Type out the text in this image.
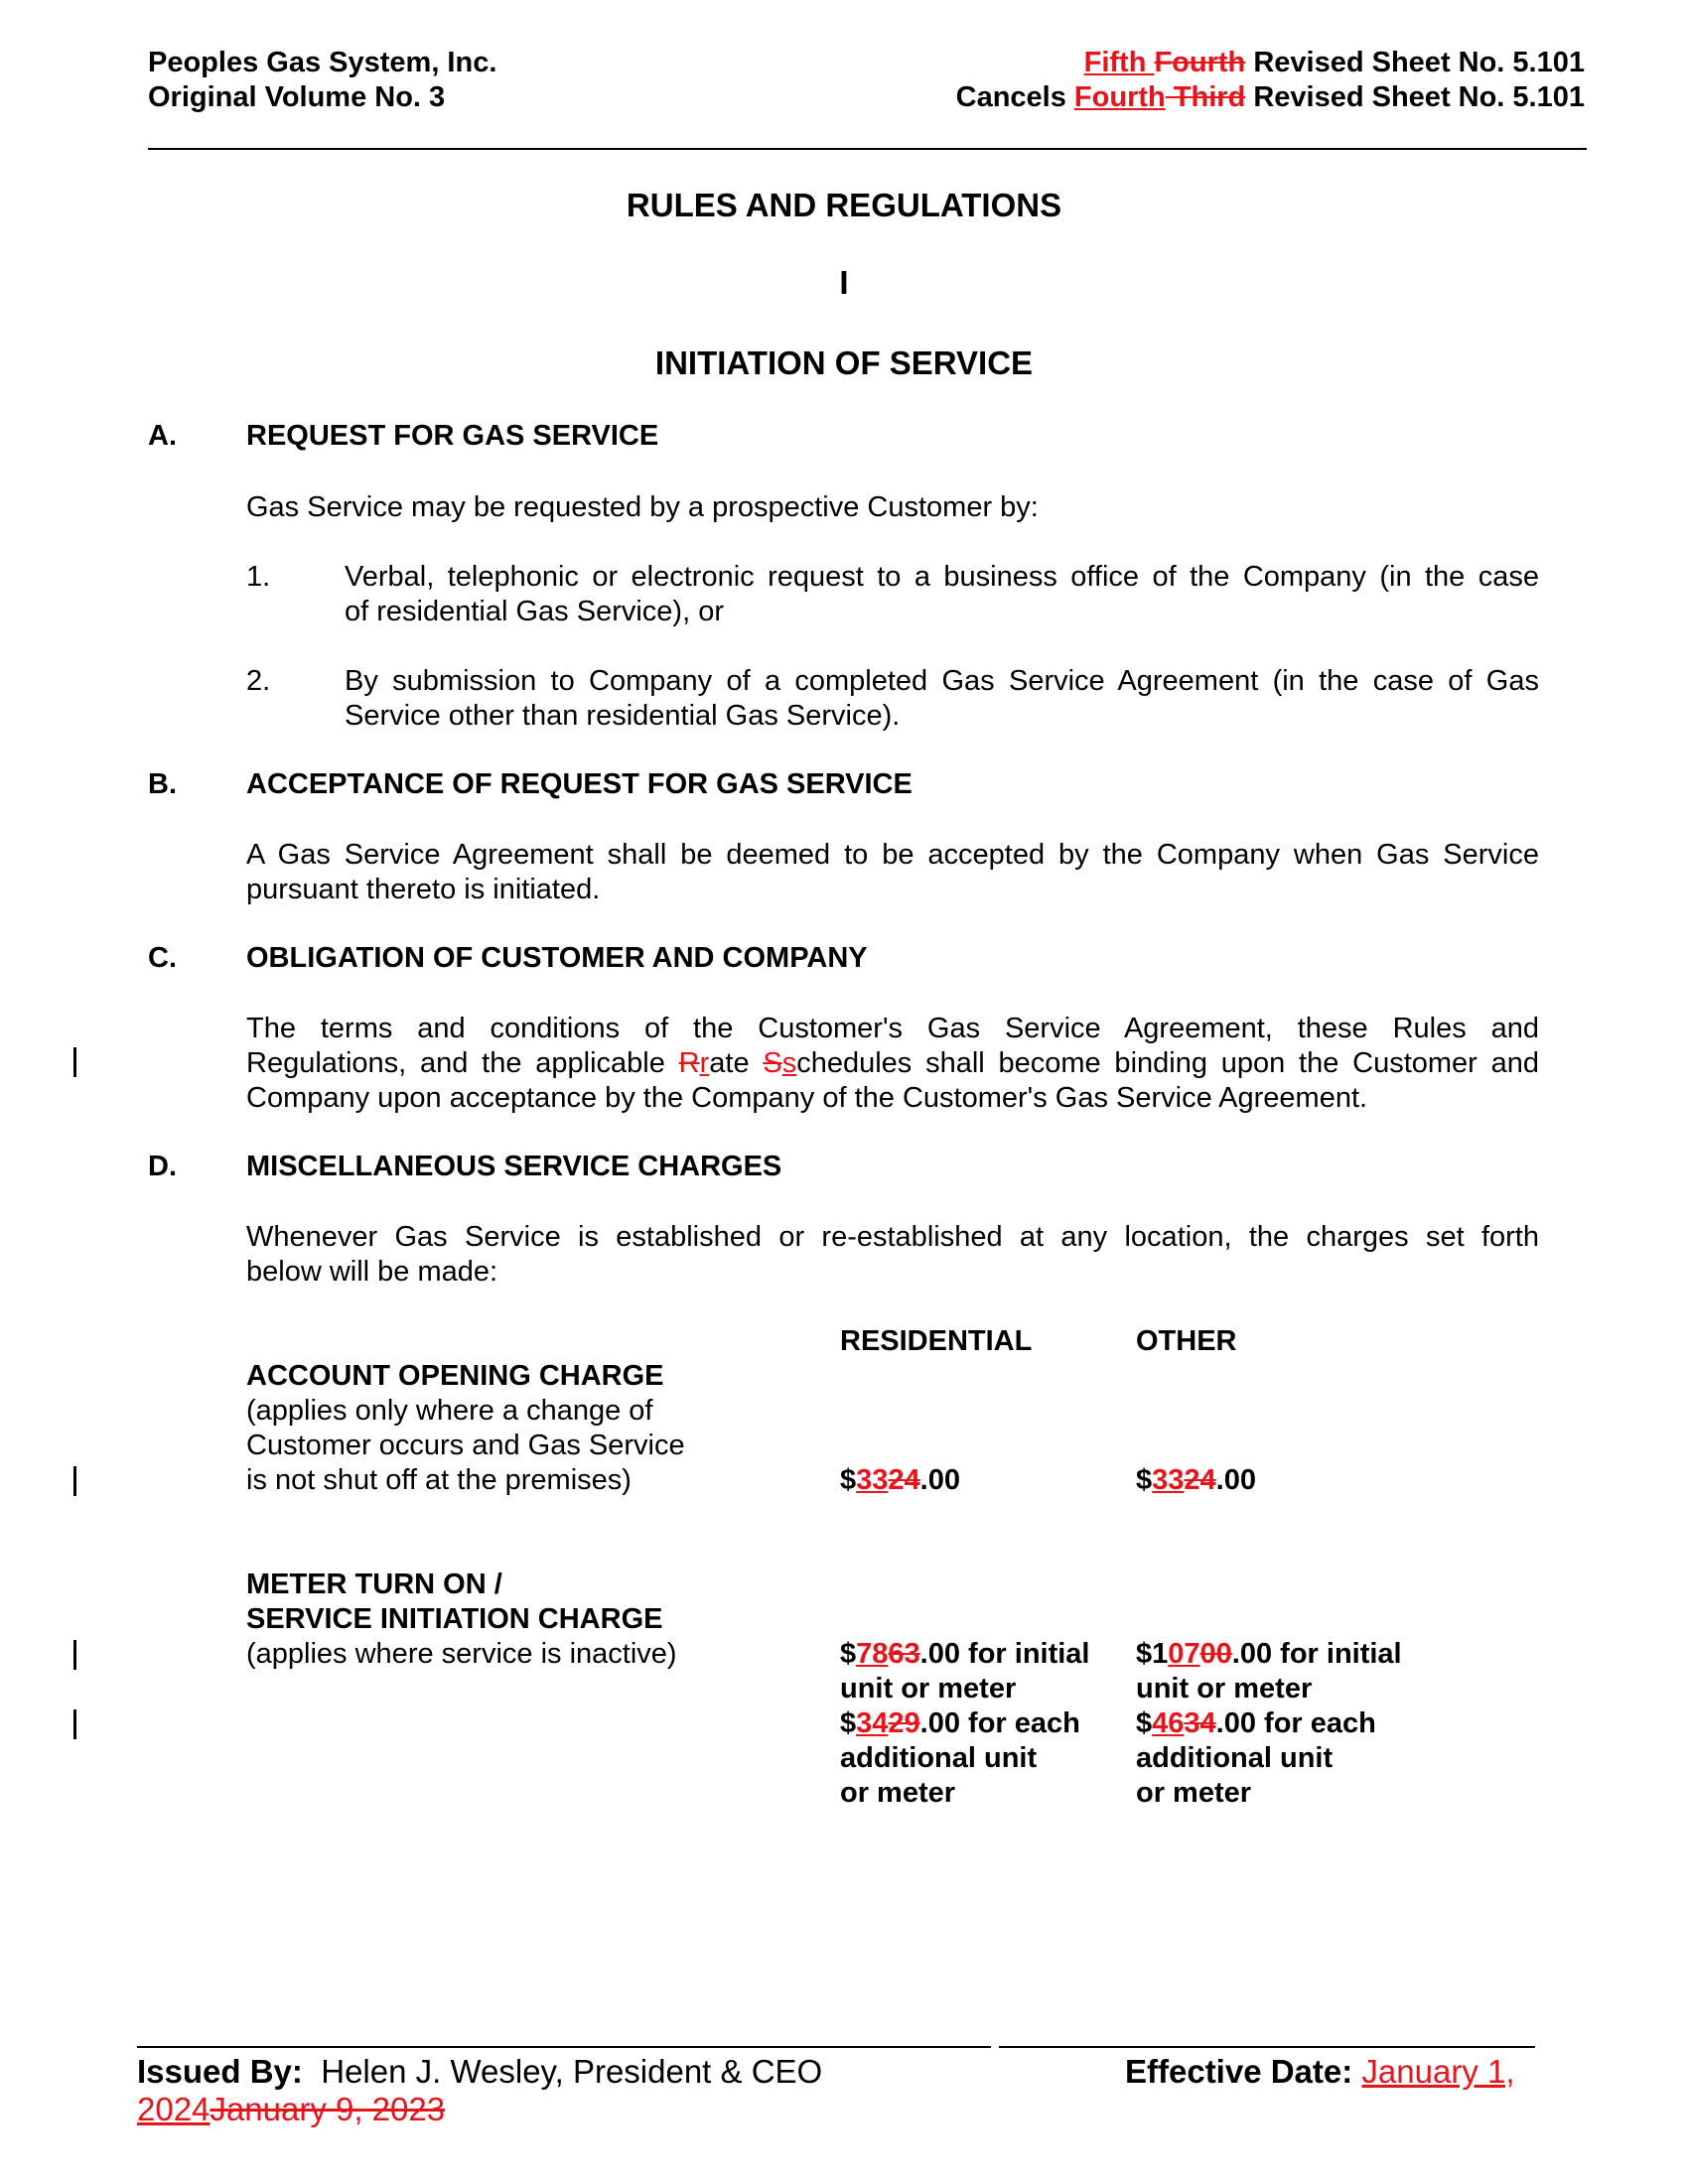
Peoples Gas System, Inc.
Original Volume No. 3
Fifth Fourth Revised Sheet No. 5.101
Cancels Fourth Third Revised Sheet No. 5.101
RULES AND REGULATIONS
I
INITIATION OF SERVICE
A. REQUEST FOR GAS SERVICE
Gas Service may be requested by a prospective Customer by:
1.	Verbal, telephonic or electronic request to a business office of the Company (in the case
of residential Gas Service), or
2.	By submission to Company of a completed Gas Service Agreement (in the case of Gas
Service other than residential Gas Service).
B. ACCEPTANCE OF REQUEST FOR GAS SERVICE
A Gas Service Agreement shall be deemed to be accepted by the Company when Gas Service
pursuant thereto is initiated.
C. OBLIGATION OF CUSTOMER AND COMPANY
The terms and conditions of the Customer's Gas Service Agreement, these Rules and
Regulations, and the applicable Rrate Sschedules shall become binding upon the Customer and
Company upon acceptance by the Company of the Customer's Gas Service Agreement.
D. MISCELLANEOUS SERVICE CHARGES
Whenever Gas Service is established or re-established at any location, the charges set forth
below will be made:
RESIDENTIAL	OTHER
ACCOUNT OPENING CHARGE
(applies only where a change of
Customer occurs and Gas Service
is not shut off at the premises)	$3324.00	$3324.00
METER TURN ON /
SERVICE INITIATION CHARGE
(applies where service is inactive)	$7863.00 for initial
unit or meter
$3429.00 for each
additional unit
or meter
$10700.00 for initial
unit or meter
$4634.00 for each
additional unit
or meter
Issued By: Helen J. Wesley, President & CEO	Effective Date: January 1,
2024January 9, 2023
